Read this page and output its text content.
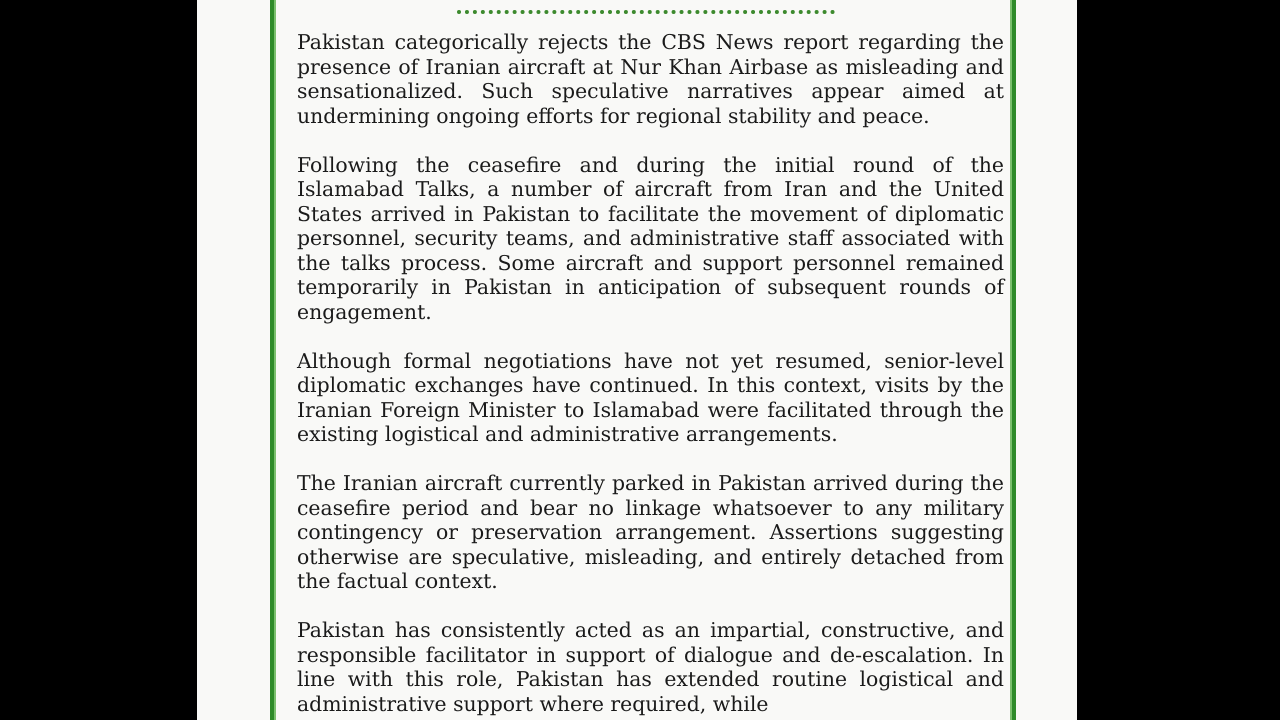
Pakistan categorically rejects the CBS News report regarding the presence of Iranian aircraft at Nur Khan Airbase as misleading and sensationalized. Such speculative narratives appear aimed at undermining ongoing efforts for regional stability and peace.

Following the ceasefire and during the initial round of the Islamabad Talks, a number of aircraft from Iran and the United States arrived in Pakistan to facilitate the movement of diplomatic personnel, security teams, and administrative staff associated with the talks process. Some aircraft and support personnel remained temporarily in Pakistan in anticipation of subsequent rounds of engagement.

Although formal negotiations have not yet resumed, senior-level diplomatic exchanges have continued. In this context, visits by the Iranian Foreign Minister to Islamabad were facilitated through the existing logistical and administrative arrangements.

The Iranian aircraft currently parked in Pakistan arrived during the ceasefire period and bear no linkage whatsoever to any military contingency or preservation arrangement. Assertions suggesting otherwise are speculative, misleading, and entirely detached from the factual context.

Pakistan has consistently acted as an impartial, constructive, and responsible facilitator in support of dialogue and de-escalation. In line with this role, Pakistan has extended routine logistical and administrative support where required, while
